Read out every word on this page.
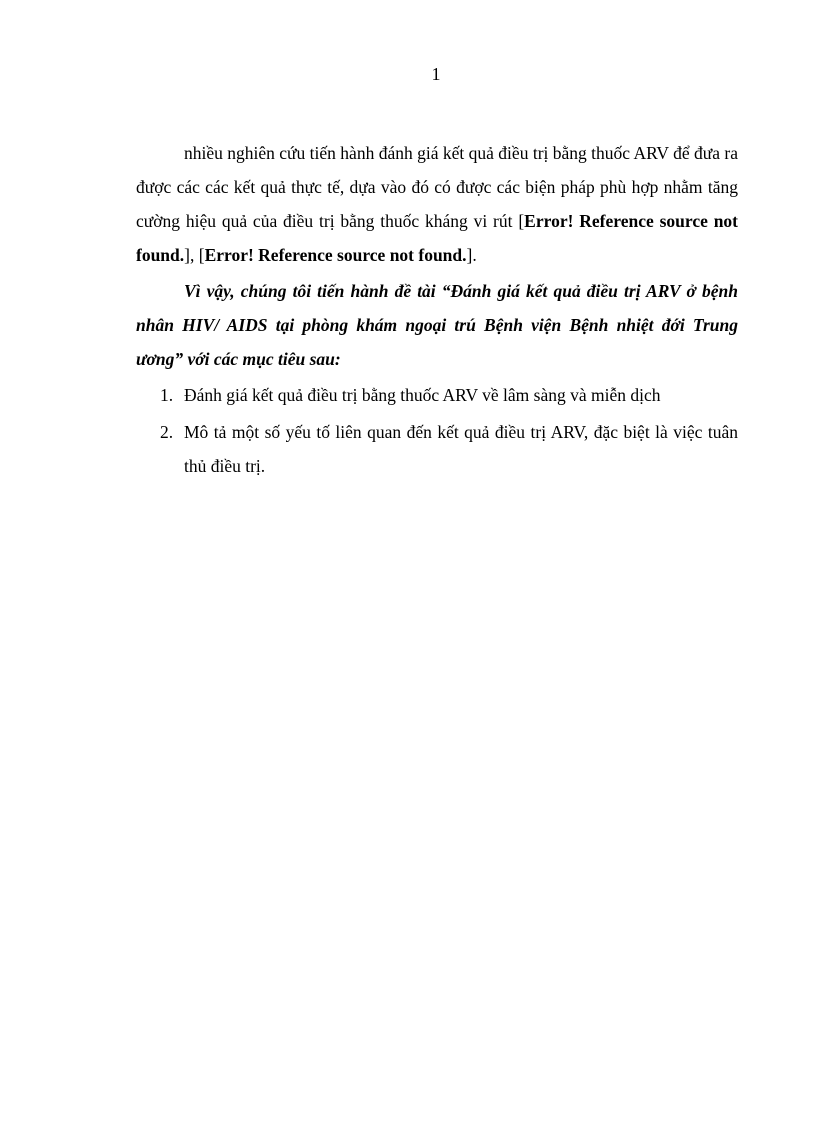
1

nhiều nghiên cứu tiến hành đánh giá kết quả điều trị bằng thuốc ARV để đưa ra được các các kết quả thực tế, dựa vào đó có được các biện pháp phù hợp nhằm tăng cường hiệu quả của điều trị bằng thuốc kháng vi rút [Error! Reference source not found.], [Error! Reference source not found.].

Vì vậy, chúng tôi tiến hành đề tài “Đánh giá kết quả điều trị ARV ở bệnh nhân HIV/ AIDS tại phòng khám ngoại trú Bệnh viện Bệnh nhiệt đới Trung ương” với các mục tiêu sau:

1. Đánh giá kết quả điều trị bằng thuốc ARV về lâm sàng và miễn dịch
2. Mô tả một số yếu tố liên quan đến kết quả điều trị ARV, đặc biệt là việc tuân thủ điều trị.
